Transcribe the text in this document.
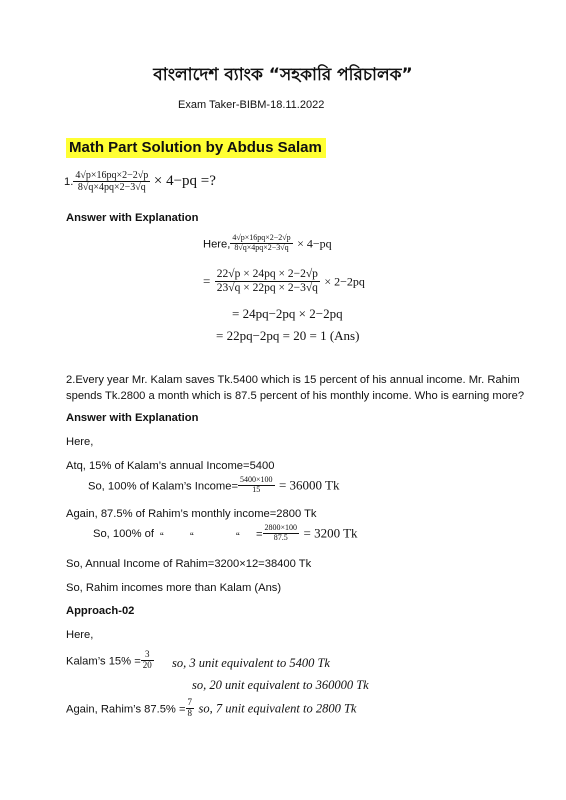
বাংলাদেশ ব্যাংক “সহকারি পরিচালক”
Exam Taker-BIBM-18.11.2022
Math Part Solution by Abdus Salam
1. $\frac{4√p\times 16pq\times 2-2√p}{8√q\times 4pq\times 2-3√q} \times 4-pq$ =?
Answer with Explanation
Here, $\frac{4√p\times 16pq\times 2-2√p}{8√q\times 4pq\times 2-3√q} \times 4-pq$
= $\frac{22√p \times 24pq \times 2-2√p}{23√q \times 22pq \times 2-3√q} \times 2-2pq$
= 24pq−2pq × 2−2pq
= 22pq−2pq = 20 = 1 (Ans)
2.Every year Mr. Kalam saves Tk.5400 which is 15 percent of his annual income. Mr. Rahim
spends Tk.2800 a month which is 87.5 percent of his monthly income. Who is earning more?
Answer with Explanation
Here,
Atq, 15% of Kalam’s annual Income=5400
So, 100% of Kalam’s Income= $\frac{5400\times 100}{15} = 36000$ Tk
Again, 87.5% of Rahim’s monthly income=2800 Tk
So, 100% of “ “	“ = $\frac{2800\times 100}{87.5} = 3200$ Tk
So, Annual Income of Rahim=3200×12=38400 Tk
So, Rahim incomes more than Kalam (Ans)
Approach-02
Here,
Kalam’s $15\% = \frac{3}{20}$ so, 3 unit equivalent to 5400 Tk
so, 20 unit equivalent to 360000 Tk
Again, Rahim’s $87.5\% = \frac{7}{8}$ so, 7 unit equivalent to 2800 Tk
